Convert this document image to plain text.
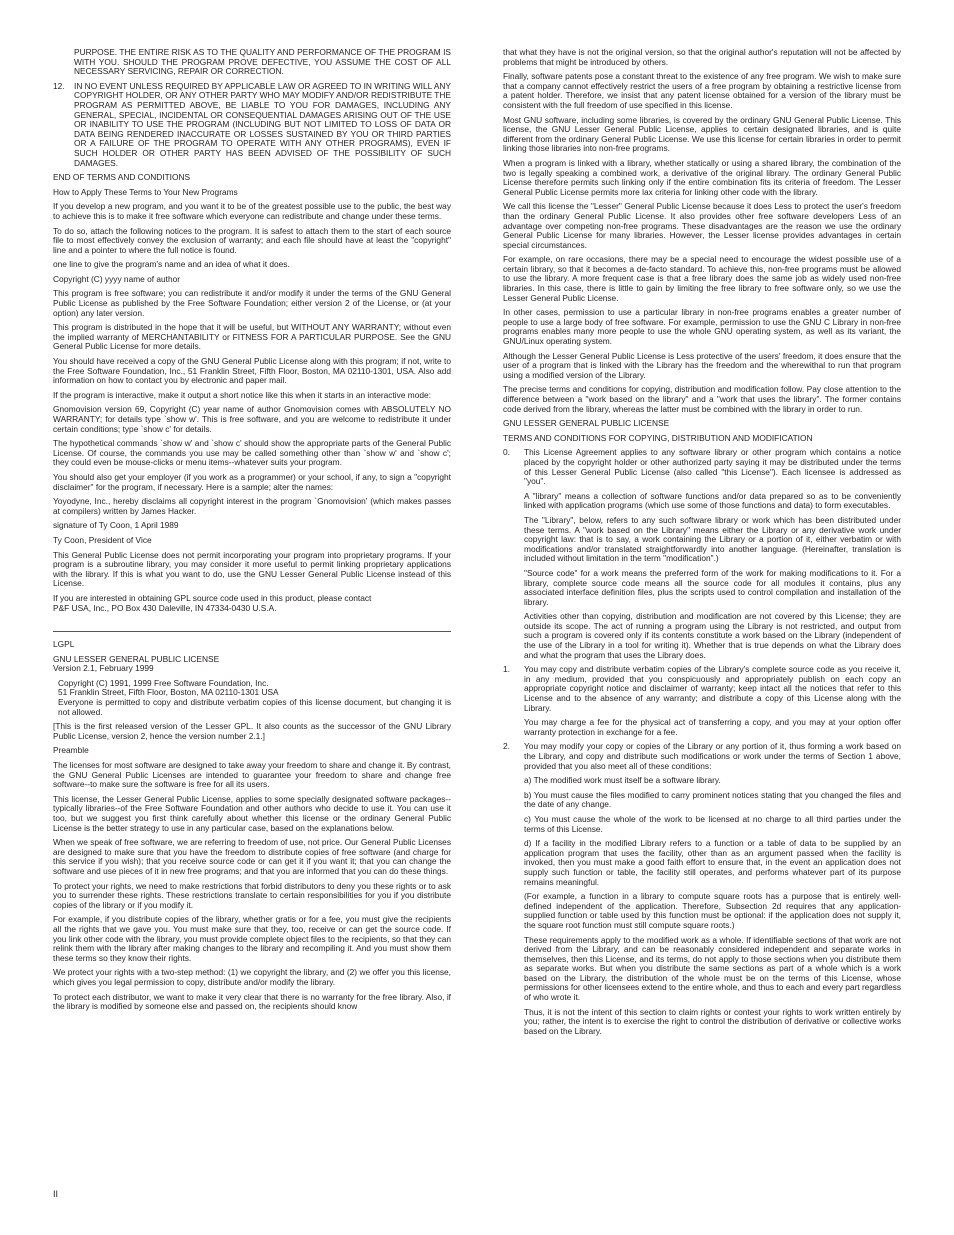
PURPOSE. THE ENTIRE RISK AS TO THE QUALITY AND PERFORMANCE OF THE PROGRAM IS WITH YOU. SHOULD THE PROGRAM PROVE DEFECTIVE, YOU ASSUME THE COST OF ALL NECESSARY SERVICING, REPAIR OR CORRECTION.

12. IN NO EVENT UNLESS REQUIRED BY APPLICABLE LAW OR AGREED TO IN WRITING WILL ANY COPYRIGHT HOLDER, OR ANY OTHER PARTY WHO MAY MODIFY AND/OR REDISTRIBUTE THE PROGRAM AS PERMITTED ABOVE, BE LIABLE TO YOU FOR DAMAGES, INCLUDING ANY GENERAL, SPECIAL, INCIDENTAL OR CONSEQUENTIAL DAMAGES ARISING OUT OF THE USE OR INABILITY TO USE THE PROGRAM (INCLUDING BUT NOT LIMITED TO LOSS OF DATA OR DATA BEING RENDERED INACCURATE OR LOSSES SUSTAINED BY YOU OR THIRD PARTIES OR A FAILURE OF THE PROGRAM TO OPERATE WITH ANY OTHER PROGRAMS), EVEN IF SUCH HOLDER OR OTHER PARTY HAS BEEN ADVISED OF THE POSSIBILITY OF SUCH DAMAGES.

END OF TERMS AND CONDITIONS

How to Apply These Terms to Your New Programs

If you develop a new program, and you want it to be of the greatest possible use to the public, the best way to achieve this is to make it free software which everyone can redistribute and change under these terms.

To do so, attach the following notices to the program. It is safest to attach them to the start of each source file to most effectively convey the exclusion of warranty; and each file should have at least the "copyright" line and a pointer to where the full notice is found.

one line to give the program's name and an idea of what it does.

Copyright (C) yyyy name of author

This program is free software; you can redistribute it and/or modify it under the terms of the GNU General Public License as published by the Free Software Foundation; either version 2 of the License, or (at your option) any later version.

This program is distributed in the hope that it will be useful, but WITHOUT ANY WARRANTY; without even the implied warranty of MERCHANTABILITY or FITNESS FOR A PARTICULAR PURPOSE. See the GNU General Public License for more details.

You should have received a copy of the GNU General Public License along with this program; if not, write to the Free Software Foundation, Inc., 51 Franklin Street, Fifth Floor, Boston, MA 02110-1301, USA. Also add information on how to contact you by electronic and paper mail.

If the program is interactive, make it output a short notice like this when it starts in an interactive mode:

Gnomovision version 69, Copyright (C) year name of author Gnomovision comes with ABSOLUTELY NO WARRANTY; for details type `show w'. This is free software, and you are welcome to redistribute it under certain conditions; type `show c' for details.

The hypothetical commands `show w' and `show c' should show the appropriate parts of the General Public License. Of course, the commands you use may be called something other than `show w' and `show c'; they could even be mouse-clicks or menu items--whatever suits your program.

You should also get your employer (if you work as a programmer) or your school, if any, to sign a "copyright disclaimer" for the program, if necessary. Here is a sample; alter the names:

Yoyodyne, Inc., hereby disclaims all copyright interest in the program `Gnomovision' (which makes passes at compilers) written by James Hacker.

signature of Ty Coon, 1 April 1989

Ty Coon, President of Vice

This General Public License does not permit incorporating your program into proprietary programs. If your program is a subroutine library, you may consider it more useful to permit linking proprietary applications with the library. If this is what you want to do, use the GNU Lesser General Public License instead of this License.

If you are interested in obtaining GPL source code used in this product, please contact
P&F USA, Inc., PO Box 430 Daleville, IN 47334-0430 U.S.A.

LGPL

GNU LESSER GENERAL PUBLIC LICENSE
Version 2.1, February 1999
Copyright (C) 1991, 1999 Free Software Foundation, Inc.
51 Franklin Street, Fifth Floor, Boston, MA 02110-1301 USA
Everyone is permitted to copy and distribute verbatim copies of this license document, but changing it is not allowed.

[This is the first released version of the Lesser GPL. It also counts as the successor of the GNU Library Public License, version 2, hence the version number 2.1.]

Preamble

The licenses for most software are designed to take away your freedom to share and change it. By contrast, the GNU General Public Licenses are intended to guarantee your freedom to share and change free software--to make sure the software is free for all its users.

This license, the Lesser General Public License, applies to some specially designated software packages--typically libraries--of the Free Software Foundation and other authors who decide to use it. You can use it too, but we suggest you first think carefully about whether this license or the ordinary General Public License is the better strategy to use in any particular case, based on the explanations below.

When we speak of free software, we are referring to freedom of use, not price. Our General Public Licenses are designed to make sure that you have the freedom to distribute copies of free software (and charge for this service if you wish); that you receive source code or can get it if you want it; that you can change the software and use pieces of it in new free programs; and that you are informed that you can do these things.

To protect your rights, we need to make restrictions that forbid distributors to deny you these rights or to ask you to surrender these rights. These restrictions translate to certain responsibilities for you if you distribute copies of the library or if you modify it.

For example, if you distribute copies of the library, whether gratis or for a fee, you must give the recipients all the rights that we gave you. You must make sure that they, too, receive or can get the source code. If you link other code with the library, you must provide complete object files to the recipients, so that they can relink them with the library after making changes to the library and recompiling it. And you must show them these terms so they know their rights.

We protect your rights with a two-step method: (1) we copyright the library, and (2) we offer you this license, which gives you legal permission to copy, distribute and/or modify the library.

To protect each distributor, we want to make it very clear that there is no warranty for the free library. Also, if the library is modified by someone else and passed on, the recipients should know

that what they have is not the original version, so that the original author's reputation will not be affected by problems that might be introduced by others.

Finally, software patents pose a constant threat to the existence of any free program. We wish to make sure that a company cannot effectively restrict the users of a free program by obtaining a restrictive license from a patent holder. Therefore, we insist that any patent license obtained for a version of the library must be consistent with the full freedom of use specified in this license.

Most GNU software, including some libraries, is covered by the ordinary GNU General Public License. This license, the GNU Lesser General Public License, applies to certain designated libraries, and is quite different from the ordinary General Public License. We use this license for certain libraries in order to permit linking those libraries into non-free programs.

When a program is linked with a library, whether statically or using a shared library, the combination of the two is legally speaking a combined work, a derivative of the original library. The ordinary General Public License therefore permits such linking only if the entire combination fits its criteria of freedom. The Lesser General Public License permits more lax criteria for linking other code with the library.

We call this license the "Lesser" General Public License because it does Less to protect the user's freedom than the ordinary General Public License. It also provides other free software developers Less of an advantage over competing non-free programs. These disadvantages are the reason we use the ordinary General Public License for many libraries. However, the Lesser license provides advantages in certain special circumstances.

For example, on rare occasions, there may be a special need to encourage the widest possible use of a certain library, so that it becomes a de-facto standard. To achieve this, non-free programs must be allowed to use the library. A more frequent case is that a free library does the same job as widely used non-free libraries. In this case, there is little to gain by limiting the free library to free software only, so we use the Lesser General Public License.

In other cases, permission to use a particular library in non-free programs enables a greater number of people to use a large body of free software. For example, permission to use the GNU C Library in non-free programs enables many more people to use the whole GNU operating system, as well as its variant, the GNU/Linux operating system.

Although the Lesser General Public License is Less protective of the users' freedom, it does ensure that the user of a program that is linked with the Library has the freedom and the wherewithal to run that program using a modified version of the Library.

The precise terms and conditions for copying, distribution and modification follow. Pay close attention to the difference between a "work based on the library" and a "work that uses the library". The former contains code derived from the library, whereas the latter must be combined with the library in order to run.

GNU LESSER GENERAL PUBLIC LICENSE

TERMS AND CONDITIONS FOR COPYING, DISTRIBUTION AND MODIFICATION

0. This License Agreement applies to any software library or other program which contains a notice placed by the copyright holder or other authorized party saying it may be distributed under the terms of this Lesser General Public License (also called "this License"). Each licensee is addressed as "you".

A "library" means a collection of software functions and/or data prepared so as to be conveniently linked with application programs (which use some of those functions and data) to form executables.

The "Library", below, refers to any such software library or work which has been distributed under these terms. A "work based on the Library" means either the Library or any derivative work under copyright law: that is to say, a work containing the Library or a portion of it, either verbatim or with modifications and/or translated straightforwardly into another language. (Hereinafter, translation is included without limitation in the term "modification".)

"Source code" for a work means the preferred form of the work for making modifications to it. For a library, complete source code means all the source code for all modules it contains, plus any associated interface definition files, plus the scripts used to control compilation and installation of the library.

Activities other than copying, distribution and modification are not covered by this License; they are outside its scope. The act of running a program using the Library is not restricted, and output from such a program is covered only if its contents constitute a work based on the Library (independent of the use of the Library in a tool for writing it). Whether that is true depends on what the Library does and what the program that uses the Library does.

1. You may copy and distribute verbatim copies of the Library's complete source code as you receive it, in any medium, provided that you conspicuously and appropriately publish on each copy an appropriate copyright notice and disclaimer of warranty; keep intact all the notices that refer to this License and to the absence of any warranty; and distribute a copy of this License along with the Library.

You may charge a fee for the physical act of transferring a copy, and you may at your option offer warranty protection in exchange for a fee.

2. You may modify your copy or copies of the Library or any portion of it, thus forming a work based on the Library, and copy and distribute such modifications or work under the terms of Section 1 above, provided that you also meet all of these conditions:

a) The modified work must itself be a software library.

b) You must cause the files modified to carry prominent notices stating that you changed the files and the date of any change.

c) You must cause the whole of the work to be licensed at no charge to all third parties under the terms of this License.

d) If a facility in the modified Library refers to a function or a table of data to be supplied by an application program that uses the facility, other than as an argument passed when the facility is invoked, then you must make a good faith effort to ensure that, in the event an application does not supply such function or table, the facility still operates, and performs whatever part of its purpose remains meaningful.

(For example, a function in a library to compute square roots has a purpose that is entirely well-defined independent of the application. Therefore, Subsection 2d requires that any application-supplied function or table used by this function must be optional: if the application does not supply it, the square root function must still compute square roots.)

These requirements apply to the modified work as a whole. If identifiable sections of that work are not derived from the Library, and can be reasonably considered independent and separate works in themselves, then this License, and its terms, do not apply to those sections when you distribute them as separate works. But when you distribute the same sections as part of a whole which is a work based on the Library, the distribution of the whole must be on the terms of this License, whose permissions for other licensees extend to the entire whole, and thus to each and every part regardless of who wrote it.

Thus, it is not the intent of this section to claim rights or contest your rights to work written entirely by you; rather, the intent is to exercise the right to control the distribution of derivative or collective works based on the Library.

II
